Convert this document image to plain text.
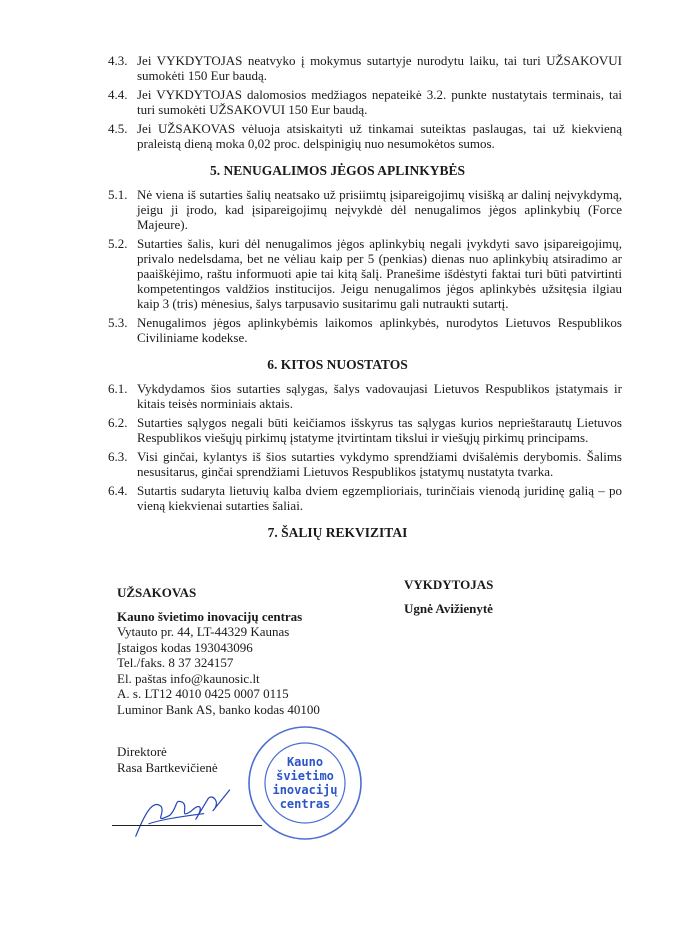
4.3. Jei VYKDYTOJAS neatvyko į mokymus sutartyje nurodytu laiku, tai turi UŽSAKOVUI sumokėti 150 Eur baudą.
4.4. Jei VYKDYTOJAS dalomosios medžiagos nepateikė 3.2. punkte nustatytais terminais, tai turi sumokėti UŽSAKOVUI 150 Eur baudą.
4.5. Jei UŽSAKOVAS vėluoja atsiskaityti už tinkamai suteiktas paslaugas, tai už kiekvieną praleistą dieną moka 0,02 proc. delspinigių nuo nesumokėtos sumos.
5. NENUGALIMOS JĖGOS APLINKYBĖS
5.1. Nė viena iš sutarties šalių neatsako už prisiimtų įsipareigojimų visišką ar dalinį neįvykdymą, jeigu ji įrodo, kad įsipareigojimų neįvykdė dėl nenugalimos jėgos aplinkybių (Force Majeure).
5.2. Sutarties šalis, kuri dėl nenugalimos jėgos aplinkybių negali įvykdyti savo įsipareigojimų, privalo nedelsdama, bet ne vėliau kaip per 5 (penkias) dienas nuo aplinkybių atsiradimo ar paaiškėjimo, raštu informuoti apie tai kitą šalį. Pranešime išdėstyti faktai turi būti patvirtinti kompetentingos valdžios institucijos. Jeigu nenugalimos jėgos aplinkybės užsitęsia ilgiau kaip 3 (tris) mėnesius, šalys tarpusavio susitarimu gali nutraukti sutartį.
5.3. Nenugalimos jėgos aplinkybėmis laikomos aplinkybės, nurodytos Lietuvos Respublikos Civiliniame kodekse.
6. KITOS NUOSTATOS
6.1. Vykdydamos šios sutarties sąlygas, šalys vadovaujasi Lietuvos Respublikos įstatymais ir kitais teisės norminiais aktais.
6.2. Sutarties sąlygos negali būti keičiamos išskyrus tas sąlygas kurios neprieštarautų Lietuvos Respublikos viešųjų pirkimų įstatyme įtvirtintam tikslui ir viešųjų pirkimų principams.
6.3. Visi ginčai, kylantys iš šios sutarties vykdymo sprendžiami dvišalėmis derybomis. Šalims nesusitarus, ginčai sprendžiami Lietuvos Respublikos įstatymų nustatyta tvarka.
6.4. Sutartis sudaryta lietuvių kalba dviem egzemplioriais, turinčiais vienodą juridinę galią – po vieną kiekvienai sutarties šaliai.
7. ŠALIŲ REKVIZITAI
UŽSAKOVAS
Kauno švietimo inovacijų centras
Vytauto pr. 44, LT-44329 Kaunas
Įstaigos kodas 193043096
Tel./faks. 8 37 324157
El. paštas info@kaunosic.lt
A. s. LT12 4010 0425 0007 0115
Luminor Bank AS, banko kodas 40100
Direktorė
Rasa Bartkevičienė	Kauno
švietimo
inovacijų
centras
VYKDYTOJAS
Ugnė Avižienytė
